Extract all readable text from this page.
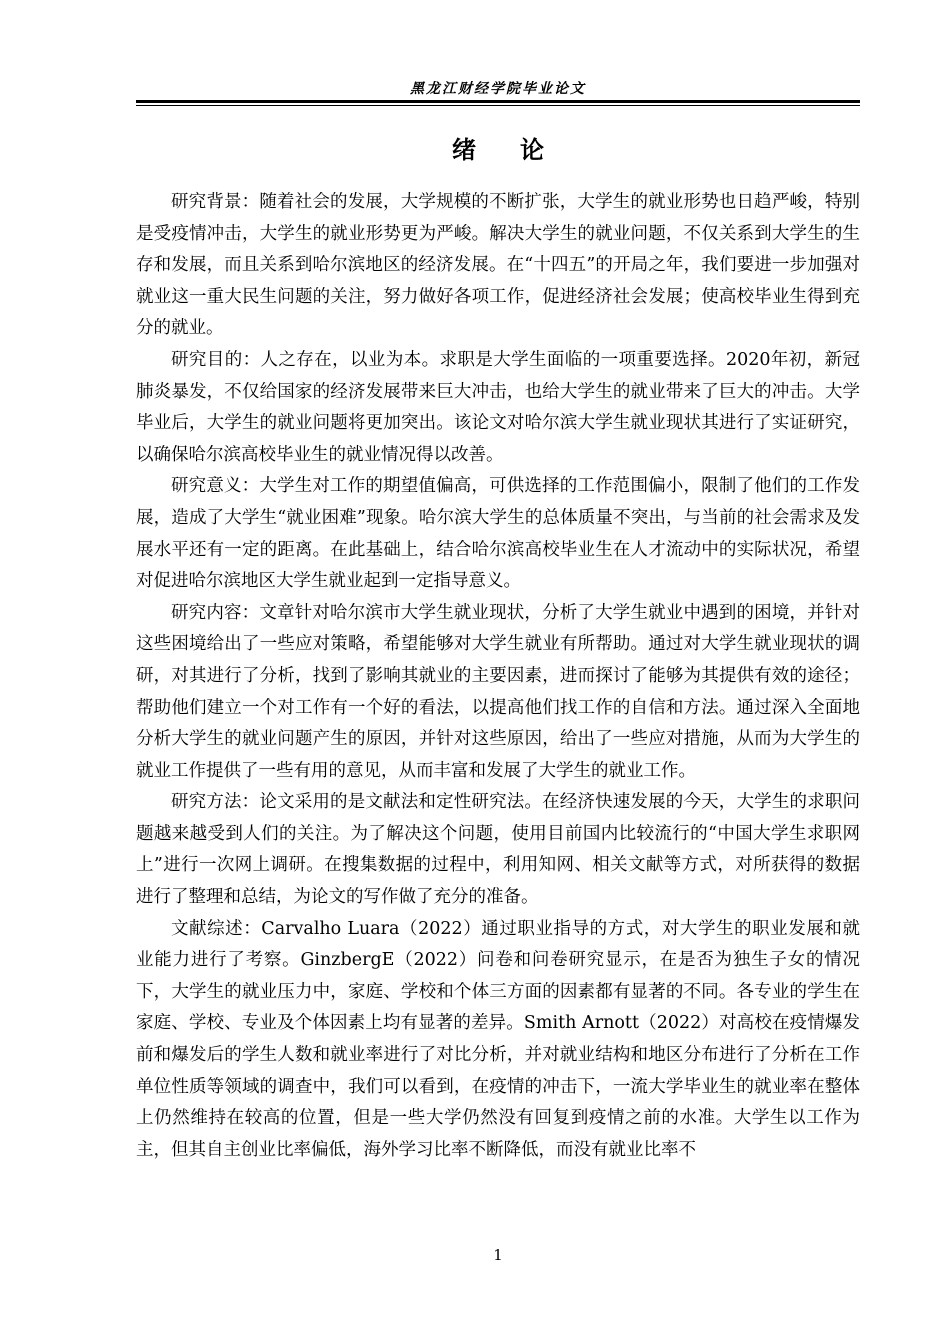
黑龙江财经学院毕业论文
绪 论

研究背景：随着社会的发展，大学规模的不断扩张，大学生的就业形势也日趋严峻，特别是受疫情冲击，大学生的就业形势更为严峻。解决大学生的就业问题，不仅关系到大学生的生存和发展，而且关系到哈尔滨地区的经济发展。在“十四五”的开局之年，我们要进一步加强对就业这一重大民生问题的关注，努力做好各项工作，促进经济社会发展；使高校毕业生得到充分的就业。

研究目的：人之存在，以业为本。求职是大学生面临的一项重要选择。2020年初，新冠肺炎暴发，不仅给国家的经济发展带来巨大冲击，也给大学生的就业带来了巨大的冲击。大学毕业后，大学生的就业问题将更加突出。该论文对哈尔滨大学生就业现状其进行了实证研究，以确保哈尔滨高校毕业生的就业情况得以改善。

研究意义：大学生对工作的期望值偏高，可供选择的工作范围偏小，限制了他们的工作发展，造成了大学生“就业困难”现象。哈尔滨大学生的总体质量不突出，与当前的社会需求及发展水平还有一定的距离。在此基础上，结合哈尔滨高校毕业生在人才流动中的实际状况，希望对促进哈尔滨地区大学生就业起到一定指导意义。

研究内容：文章针对哈尔滨市大学生就业现状，分析了大学生就业中遇到的困境，并针对这些困境给出了一些应对策略，希望能够对大学生就业有所帮助。通过对大学生就业现状的调研，对其进行了分析，找到了影响其就业的主要因素，进而探讨了能够为其提供有效的途径；帮助他们建立一个对工作有一个好的看法，以提高他们找工作的自信和方法。通过深入全面地分析大学生的就业问题产生的原因，并针对这些原因，给出了一些应对措施，从而为大学生的就业工作提供了一些有用的意见，从而丰富和发展了大学生的就业工作。

研究方法：论文采用的是文献法和定性研究法。在经济快速发展的今天，大学生的求职问题越来越受到人们的关注。为了解决这个问题，使用目前国内比较流行的“中国大学生求职网上”进行一次网上调研。在搜集数据的过程中，利用知网、相关文献等方式，对所获得的数据进行了整理和总结，为论文的写作做了充分的准备。

文献综述：Carvalho Luara（2022）通过职业指导的方式，对大学生的职业发展和就业能力进行了考察。GinzbergE（2022）问卷和问卷研究显示，在是否为独生子女的情况下，大学生的就业压力中，家庭、学校和个体三方面的因素都有显著的不同。各专业的学生在家庭、学校、专业及个体因素上均有显著的差异。Smith Arnott（2022）对高校在疫情爆发前和爆发后的学生人数和就业率进行了对比分析，并对就业结构和地区分布进行了分析在工作单位性质等领域的调查中，我们可以看到，在疫情的冲击下，一流大学毕业生的就业率在整体上仍然维持在较高的位置，但是一些大学仍然没有回复到疫情之前的水准。大学生以工作为主，但其自主创业比率偏低，海外学习比率不断降低，而没有就业比率不

1
